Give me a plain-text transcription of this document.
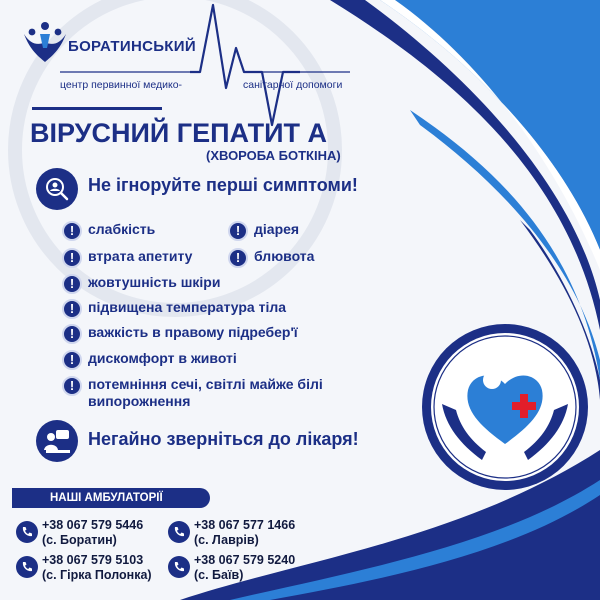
БОРАТИНСЬКИЙ
центр первинної медико-	санітарної допомоги
ВІРУСНИЙ ГЕПАТИТ А
(ХВОРОБА БОТКІНА)
Не ігноруйте перші симптоми!
! слабкість
! втрата апетиту
! жовтушність шкіри
! підвищена температура тіла
! важкість в правому підребер'ї
! дискомфорт в животі
! потемніння сечі, світлі майже білі випорожнення
! діарея
! блювота
Негайно зверніться до лікаря!
НАШІ АМБУЛАТОРІЇ
+38 067 579 5446
(с. Боратин)
+38 067 577 1466
(с. Лаврів)
+38 067 579 5103
(с. Гірка Полонка)
+38 067 579 5240
(с. Баїв)
